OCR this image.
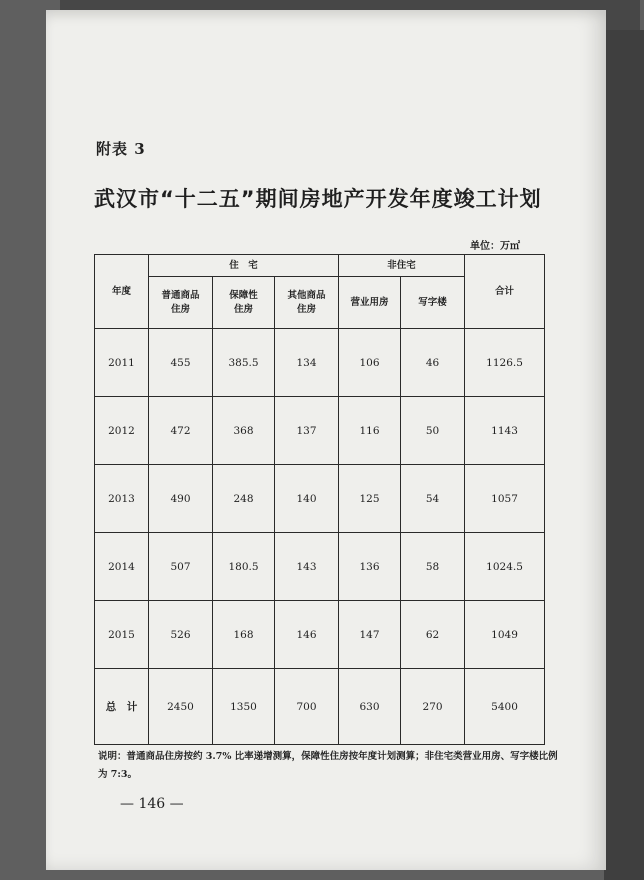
附表 3
武汉市“十二五”期间房地产开发年度竣工计划
单位：万㎡
年度	住　宅			非住宅		合计
	普通商品住房	保障性住房	其他商品住房	营业用房	写字楼	
2011	455	385.5	134	106	46	1126.5
2012	472	368	137	116	50	1143
2013	490	248	140	125	54	1057
2014	507	180.5	143	136	58	1024.5
2015	526	168	146	147	62	1049
总　计	2450	1350	700	630	270	5400
说明：普通商品住房按约 3.7% 比率递增测算，保障性住房按年度计划测算；非住宅类营业用房、写字楼比例为 7:3。
— 146 —
